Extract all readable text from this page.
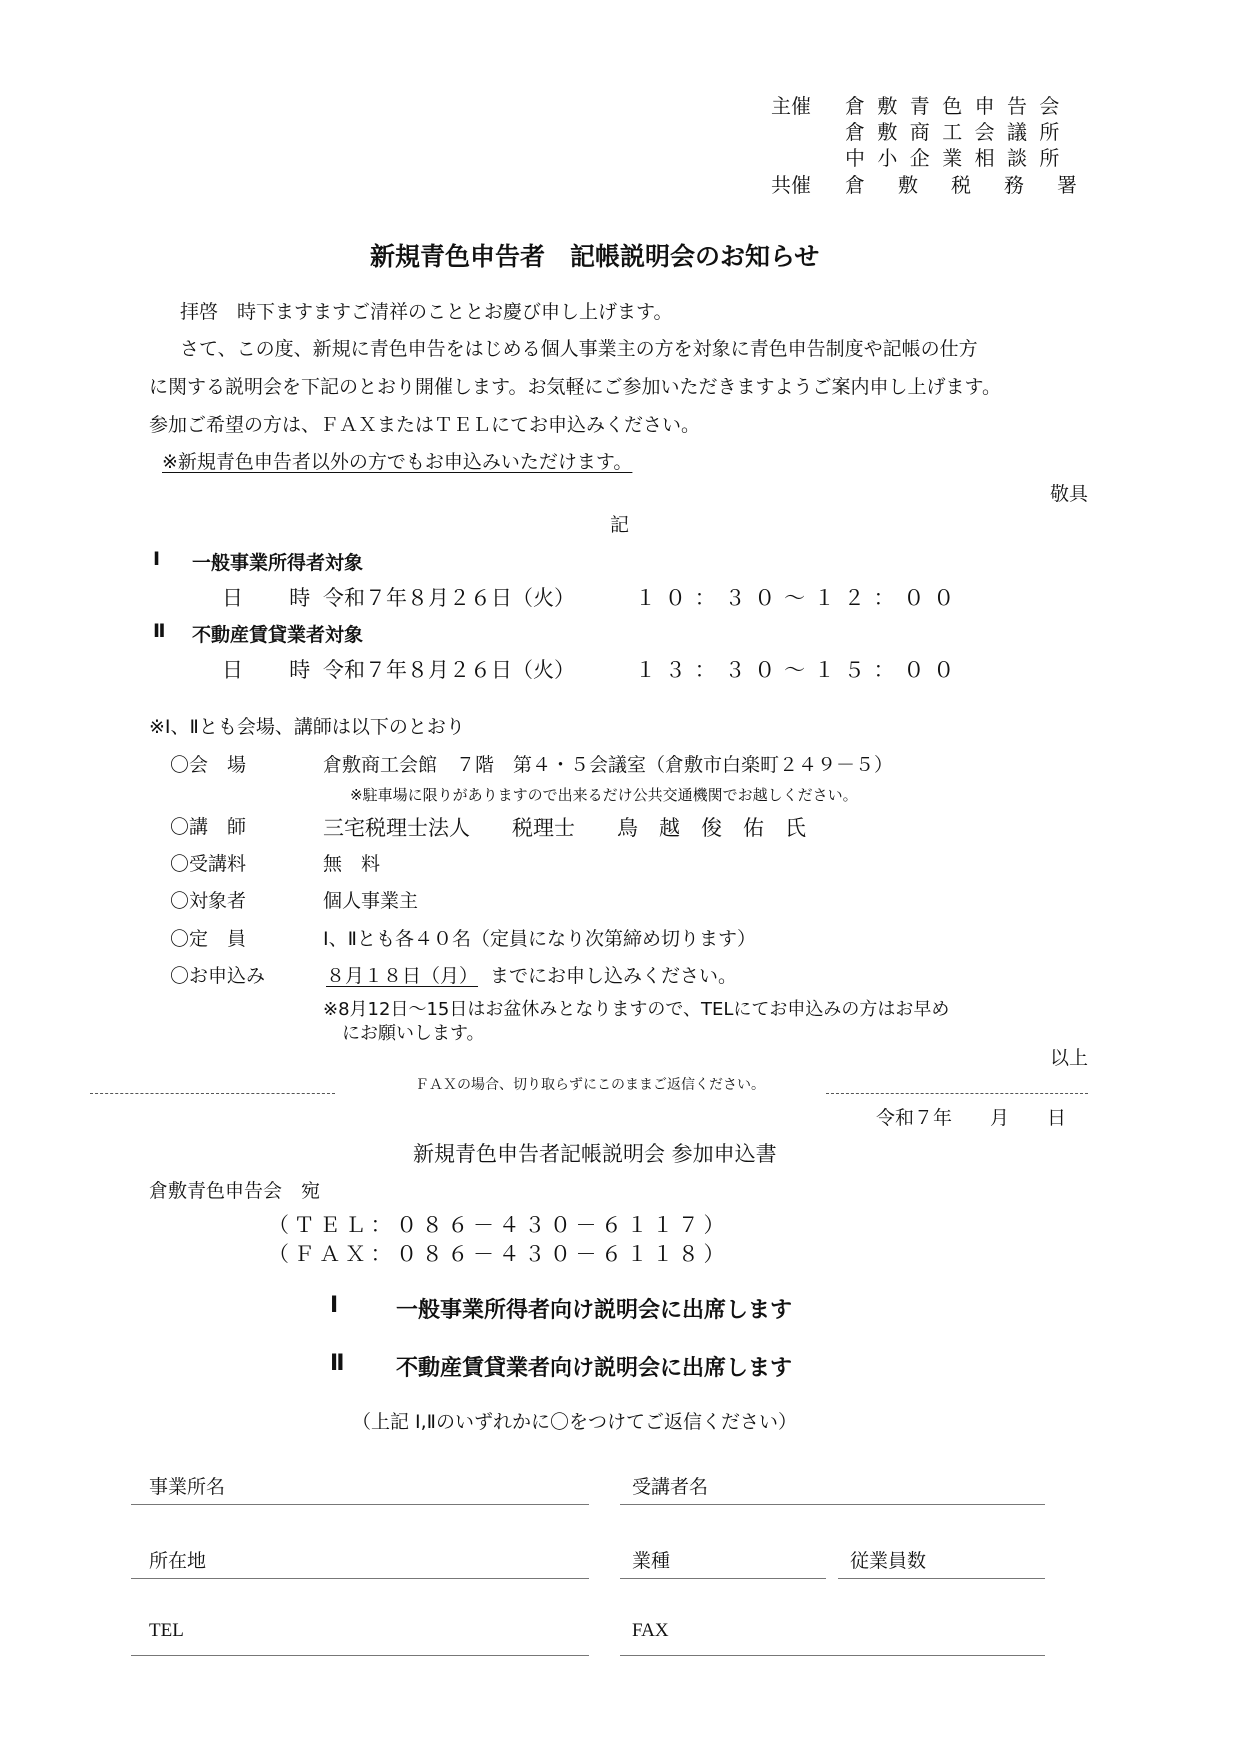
主催 倉敷青色申告会
倉敷商工会議所
中小企業相談所
共催 倉敷税務署
新規青色申告者　記帳説明会のお知らせ
拝啓　時下ますますご清祥のこととお慶び申し上げます。
さて、この度、新規に青色申告をはじめる個人事業主の方を対象に青色申告制度や記帳の仕方
に関する説明会を下記のとおり開催します。お気軽にご参加いただきますようご案内申し上げます。
参加ご希望の方は、ＦＡＸまたはＴＥＬにてお申込みください。
※新規青色申告者以外の方でもお申込みいただけます。
敬具
記
Ⅰ 一般事業所得者対象
日　時 令和７年８月２６日（火）	１０：３０〜１２：００
Ⅱ 不動産賃貸業者対象
日　時 令和７年８月２６日（火）	１３：３０〜１５：００
※Ⅰ、Ⅱとも会場、講師は以下のとおり
〇会　場	倉敷商工会館　７階　第４・５会議室（倉敷市白楽町２４９－５）
※駐車場に限りがありますので出来るだけ公共交通機関でお越しください。
〇講　師	三宅税理士法人　　税理士　　鳥　越　俊　佑　氏
〇受講料	無　料
〇対象者	個人事業主
〇定　員	Ⅰ、Ⅱとも各４０名（定員になり次第締め切ります）
〇お申込み	８月１８日（月） までにお申し込みください。
※8月12日〜15日はお盆休みとなりますので、TELにてお申込みの方はお早め
にお願いします。
以上
ＦＡＸの場合、切り取らずにこのままご返信ください。
令和７年　　月　　日
新規青色申告者記帳説明会 参加申込書
倉敷青色申告会　宛
（ＴＥＬ：０８６－４３０－６１１７）
（ＦＡＸ：０８６－４３０－６１１８）
Ⅰ	一般事業所得者向け説明会に出席します
Ⅱ 不動産賃貸業者向け説明会に出席します
（上記 Ⅰ,Ⅱのいずれかに〇をつけてご返信ください）
事業所名	受講者名
所在地	業種	従業員数
TEL	FAX
